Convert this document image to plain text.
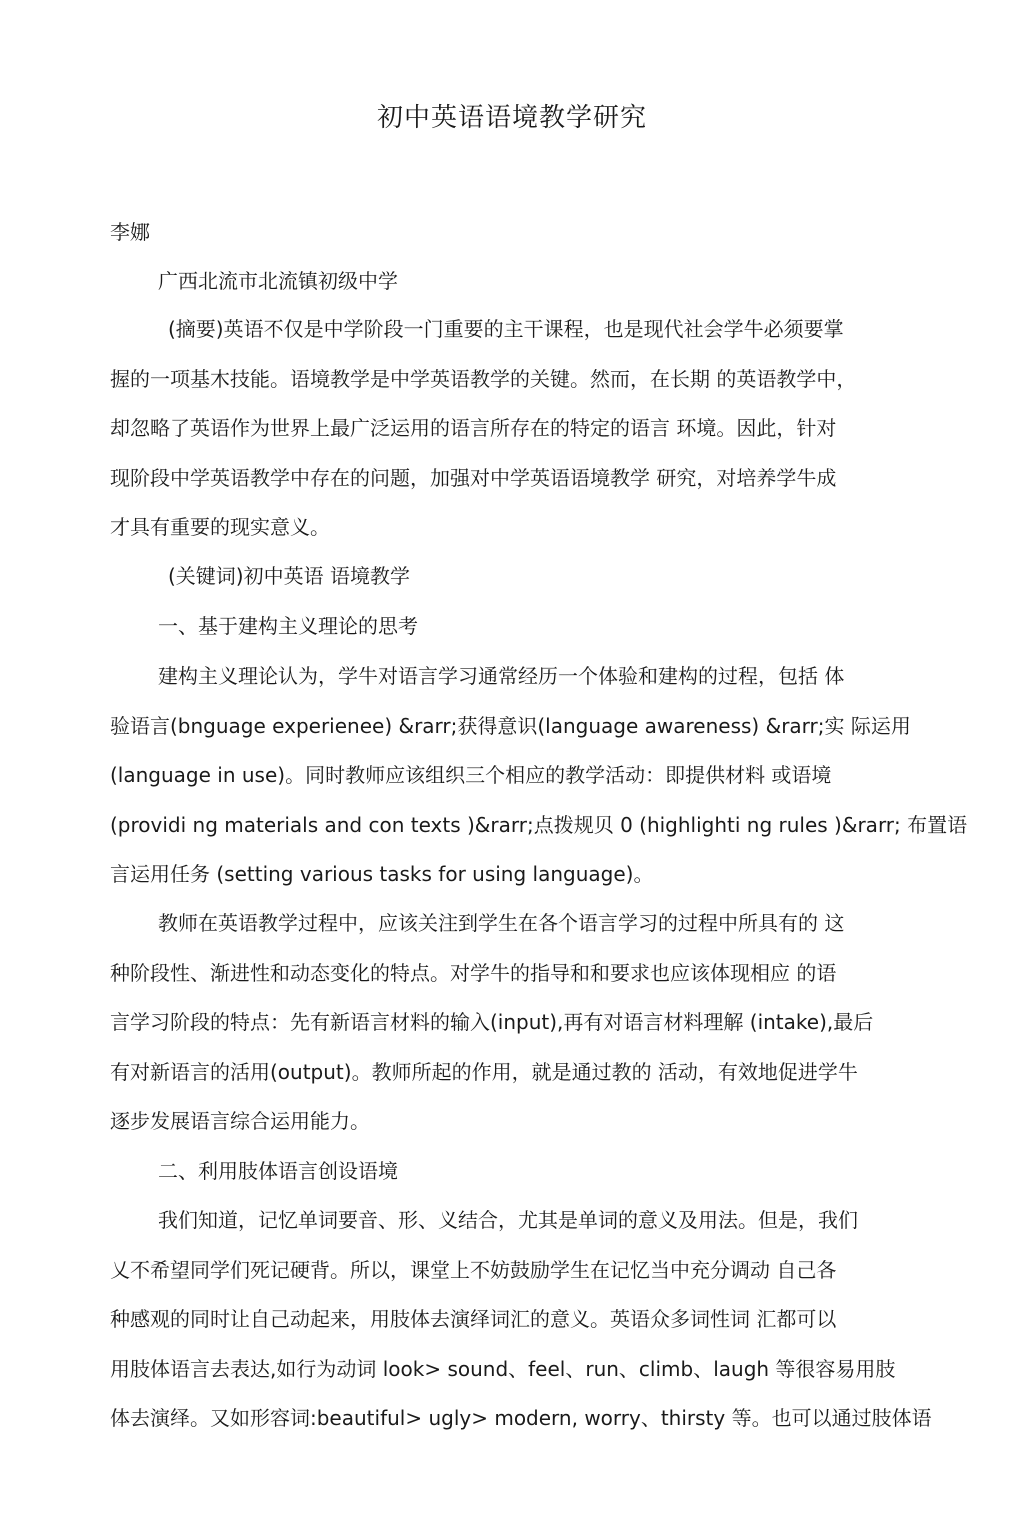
初中英语语境教学研究
李娜
广西北流市北流镇初级中学
(摘要)英语不仅是中学阶段一门重要的主干课程，也是现代社会学牛必须要掌
握的一项基木技能。语境教学是中学英语教学的关键。然而，在长期 的英语教学中，
却忽略了英语作为世界上最广泛运用的语言所存在的特定的语言 环境。因此，针对
现阶段中学英语教学中存在的问题，加强对中学英语语境教学 研究，对培养学牛成
才具有重要的现实意义。
(关键词)初中英语 语境教学
一、基于建构主义理论的思考
建构主义理论认为，学牛对语言学习通常经历一个体验和建构的过程，包括 体
验语言(bnguage experienee) &rarr;获得意识(language awareness) &rarr;实 际运用
(language in use)。同时教师应该组织三个相应的教学活动：即提供材料 或语境
(providi ng materials and con texts )&rarr;点拨规贝 0 (highlighti ng rules )&rarr; 布置语
言运用任务 (setting various tasks for using language)。
教师在英语教学过程中，应该关注到学生在各个语言学习的过程中所具有的 这
种阶段性、渐进性和动态变化的特点。对学牛的指导和和要求也应该体现相应 的语
言学习阶段的特点：先有新语言材料的输入(input),再有对语言材料理解 (intake),最后
有对新语言的活用(output)。教师所起的作用，就是通过教的 活动，有效地促进学牛
逐步发展语言综合运用能力。
二、利用肢体语言创设语境
我们知道，记忆单词要音、形、义结合，尤其是单词的意义及用法。但是，我们
乂不希望同学们死记硬背。所以，课堂上不妨鼓励学生在记忆当中充分调动 自己各
种感观的同时让自己动起来，用肢体去演绎词汇的意义。英语众多词性词 汇都可以
用肢体语言去表达,如行为动词 look> sound、feel、run、climb、laugh 等很容易用肢
体去演绎。又如形容词:beautiful> ugly> modern, worry、thirsty 等。也可以通过肢体语
